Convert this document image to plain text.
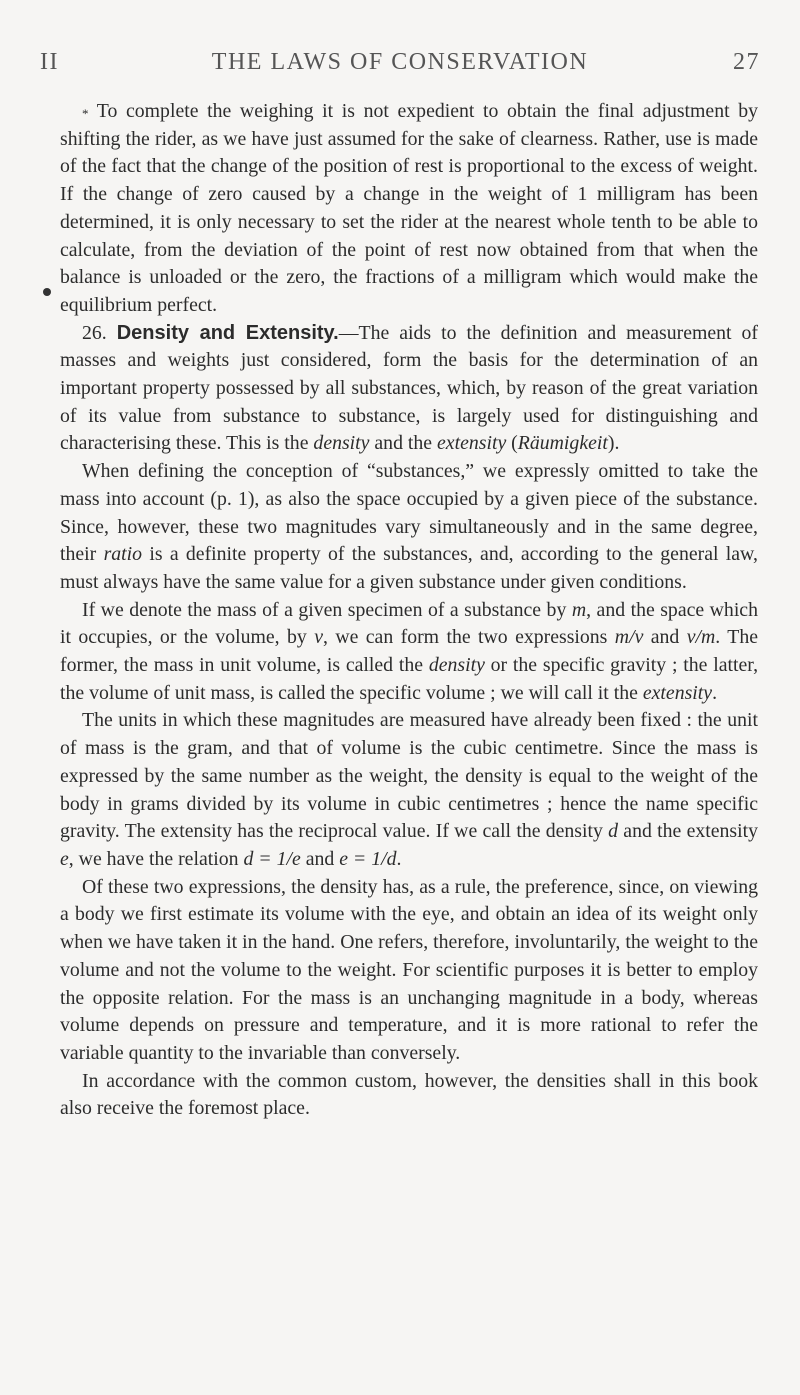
II	THE LAWS OF CONSERVATION	27

* To complete the weighing it is not expedient to obtain the final adjustment by shifting the rider, as we have just assumed for the sake of clearness. Rather, use is made of the fact that the change of the position of rest is proportional to the excess of weight. If the change of zero caused by a change in the weight of 1 milligram has been determined, it is only necessary to set the rider at the nearest whole tenth to be able to calculate, from the deviation of the point of rest now obtained from that when the balance is unloaded or the zero, the fractions of a milligram which would make the equilibrium perfect.

26. Density and Extensity.—The aids to the definition and measurement of masses and weights just considered, form the basis for the determination of an important property possessed by all substances, which, by reason of the great variation of its value from substance to substance, is largely used for distinguishing and characterising these. This is the density and the extensity (Räumigkeit).

When defining the conception of “substances,” we expressly omitted to take the mass into account (p. 1), as also the space occupied by a given piece of the substance. Since, however, these two magnitudes vary simultaneously and in the same degree, their ratio is a definite property of the substances, and, according to the general law, must always have the same value for a given substance under given conditions.

If we denote the mass of a given specimen of a substance by m, and the space which it occupies, or the volume, by v, we can form the two expressions m/v and v/m. The former, the mass in unit volume, is called the density or the specific gravity ; the latter, the volume of unit mass, is called the specific volume ; we will call it the extensity.

The units in which these magnitudes are measured have already been fixed : the unit of mass is the gram, and that of volume is the cubic centimetre. Since the mass is expressed by the same number as the weight, the density is equal to the weight of the body in grams divided by its volume in cubic centimetres ; hence the name specific gravity. The extensity has the reciprocal value. If we call the density d and the extensity e, we have the relation d = 1/e and e = 1/d.

Of these two expressions, the density has, as a rule, the preference, since, on viewing a body we first estimate its volume with the eye, and obtain an idea of its weight only when we have taken it in the hand. One refers, therefore, involuntarily, the weight to the volume and not the volume to the weight. For scientific purposes it is better to employ the opposite relation. For the mass is an unchanging magnitude in a body, whereas volume depends on pressure and temperature, and it is more rational to refer the variable quantity to the invariable than conversely.

In accordance with the common custom, however, the densities shall in this book also receive the foremost place.
